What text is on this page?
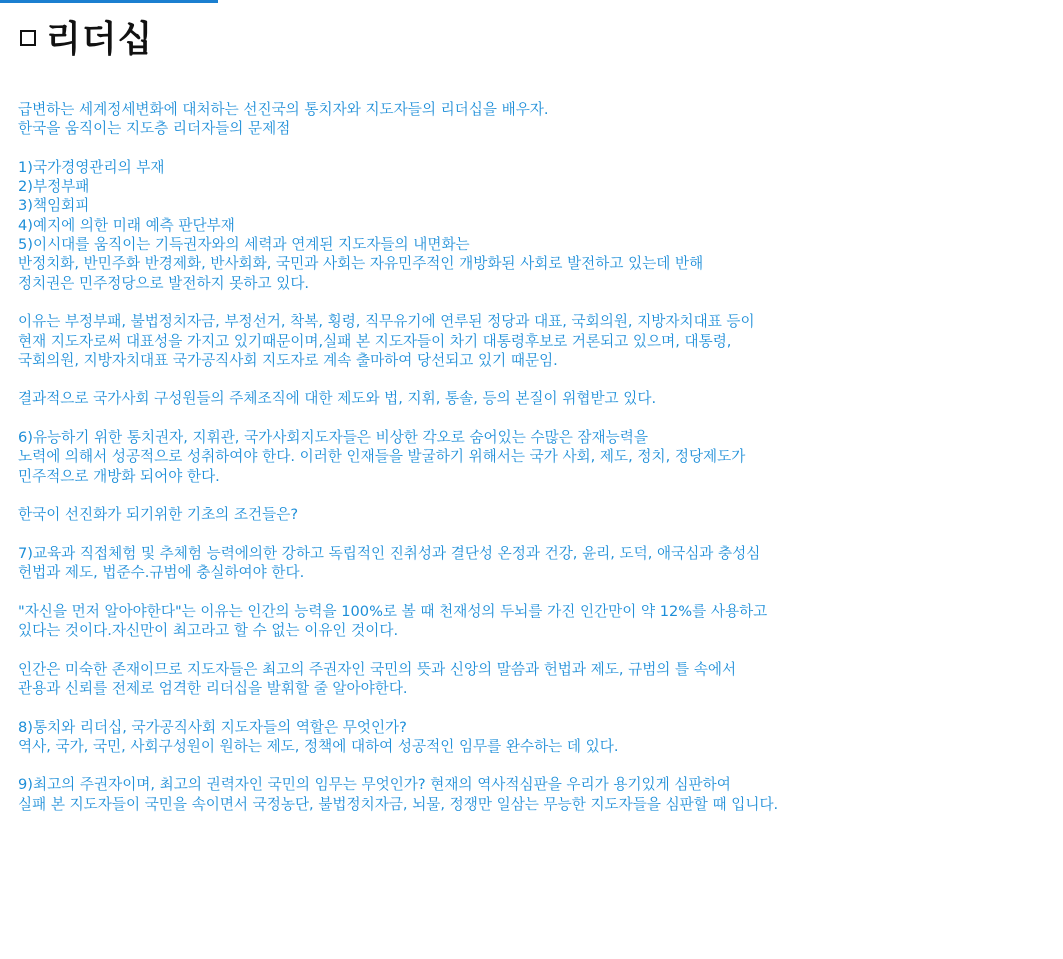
리더십
급변하는 세계정세변화에 대처하는 선진국의 통치자와 지도자들의 리더십을 배우자.
한국을 움직이는 지도층 리더자들의 문제점
1)국가경영관리의 부재
2)부정부패
3)책임회피
4)예지에 의한 미래 예측 판단부재
5)이시대를 움직이는 기득권자와의 세력과 연계된 지도자들의 내면화는
반정치화, 반민주화 반경제화, 반사회화, 국민과 사회는 자유민주적인 개방화된 사회로 발전하고 있는데 반해
정치권은 민주정당으로 발전하지 못하고 있다.
이유는 부정부패, 불법정치자금, 부정선거, 착복, 횡령, 직무유기에 연루된 정당과 대표, 국회의원, 지방자치대표 등이
현재 지도자로써 대표성을 가지고 있기때문이며,실패 본 지도자들이 차기 대통령후보로 거론되고 있으며, 대통령,
국회의원, 지방자치대표 국가공직사회 지도자로 계속 출마하여 당선되고 있기 때문임.
결과적으로 국가사회 구성원들의 주체조직에 대한 제도와 법, 지휘, 통솔, 등의 본질이 위협받고 있다.
6)유능하기 위한 통치권자, 지휘관, 국가사회지도자들은 비상한 각오로 숨어있는 수많은 잠재능력을
노력에 의해서 성공적으로 성취하여야 한다. 이러한 인재들을 발굴하기 위해서는 국가 사회, 제도, 정치, 정당제도가
민주적으로 개방화 되어야 한다.
한국이 선진화가 되기위한 기초의 조건들은?
7)교육과 직접체험 및 추체험 능력에의한 강하고 독립적인 진취성과 결단성 온정과 건강, 윤리, 도덕, 애국심과 충성심
헌법과 제도, 법준수.규범에 충실하여야 한다.
"자신을 먼저 알아야한다"는 이유는 인간의 능력을 100%로 볼 때 천재성의 두뇌를 가진 인간만이 약 12%를 사용하고
있다는 것이다.자신만이 최고라고 할 수 없는 이유인 것이다.
인간은 미숙한 존재이므로 지도자들은 최고의 주권자인 국민의 뜻과 신앙의 말씀과 헌법과 제도, 규범의 틀 속에서
관용과 신뢰를 전제로 엄격한 리더십을 발휘할 줄 알아야한다.
8)통치와 리더십, 국가공직사회 지도자들의 역할은 무엇인가?
역사, 국가, 국민, 사회구성원이 원하는 제도, 정책에 대하여 성공적인 임무를 완수하는 데 있다.
9)최고의 주권자이며, 최고의 권력자인 국민의 임무는 무엇인가? 현재의 역사적심판을 우리가 용기있게 심판하여
실패 본 지도자들이 국민을 속이면서 국정농단, 불법정치자금, 뇌물, 정쟁만 일삼는 무능한 지도자들을 심판할 때 입니다.
